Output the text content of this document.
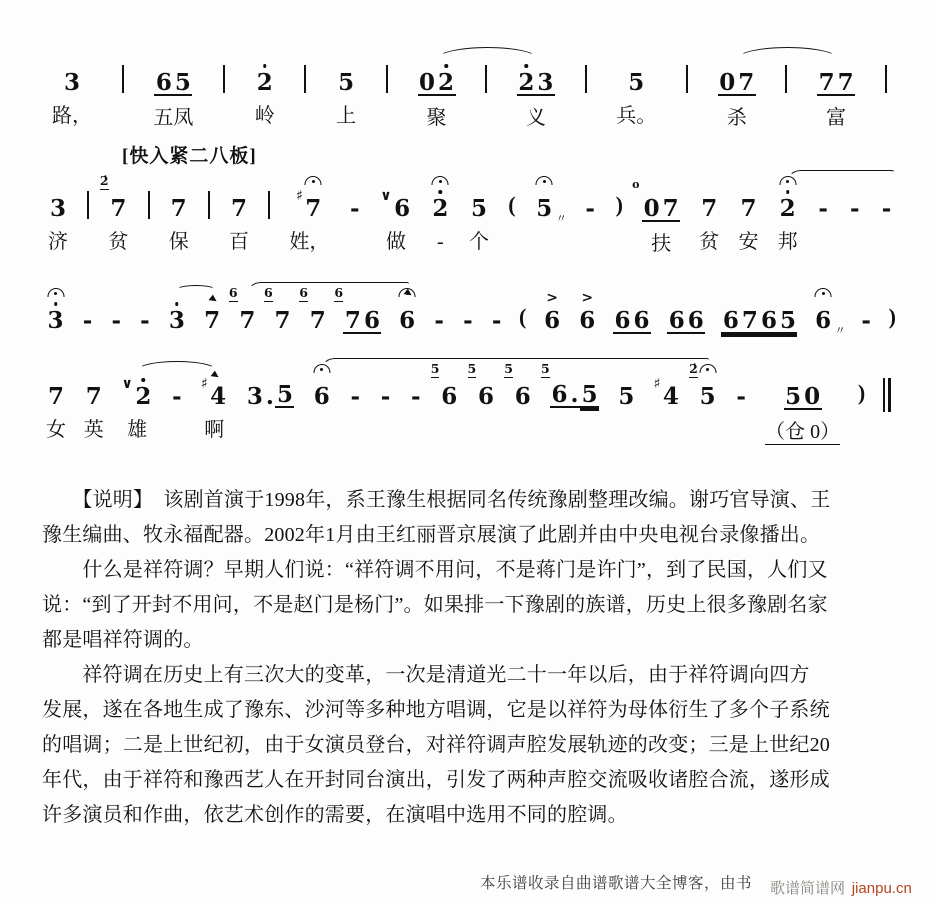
3
路，
6 5
五凤
2
岭
5
上
0 2
聚
2 3
义
5
兵。
0 7
杀
7 7
富
3
济
2̇
7
贫
7
保
7
百
♯ 7
姓，
- ∨ 6
做
2
-
5
个
( 5 〃 - )
o
0 7
扶
7
贫
7
安
2
邦
- - -
3 - - - 3 7
6
7
6
7
6
7
6
7 6 6 - - - ( 6
>
6
>
6 6 6 6 6 7 6 5 6 〃 - )
7
女
7
英
∨ 2
雄
- ♯ 4
啊
3 . 5 6 - - -
5
6
5
6
5
6
5
6 . 5 5 ♯ 4
2̇
5 - 5 0
（仓 0）
)
[快入紧二八板]
　　【说明】　该剧首演于1998年，系王豫生根据同名传统豫剧整理改编。谢巧官导演、王
豫生编曲、牧永福配器。2002年1月由王红丽晋京展演了此剧并由中央电视台录像播出。
　　什么是祥符调？早期人们说：“祥符调不用问，不是蒋门是许门”，到了民国，人们又
说：“到了开封不用问，不是赵门是杨门”。如果排一下豫剧的族谱，历史上很多豫剧名家
都是唱祥符调的。
　　祥符调在历史上有三次大的变革，一次是清道光二十一年以后，由于祥符调向四方
发展，遂在各地生成了豫东、沙河等多种地方唱调，它是以祥符为母体衍生了多个子系统
的唱调；二是上世纪初，由于女演员登台，对祥符调声腔发展轨迹的改变；三是上世纪20
年代，由于祥符和豫西艺人在开封同台演出，引发了两种声腔交流吸收诸腔合流，遂形成
许多演员和作曲，依艺术创作的需要，在演唱中选用不同的腔调。
本乐谱收录自曲谱歌谱大全博客，由书 歌谱简谱网 jianpu.cn
